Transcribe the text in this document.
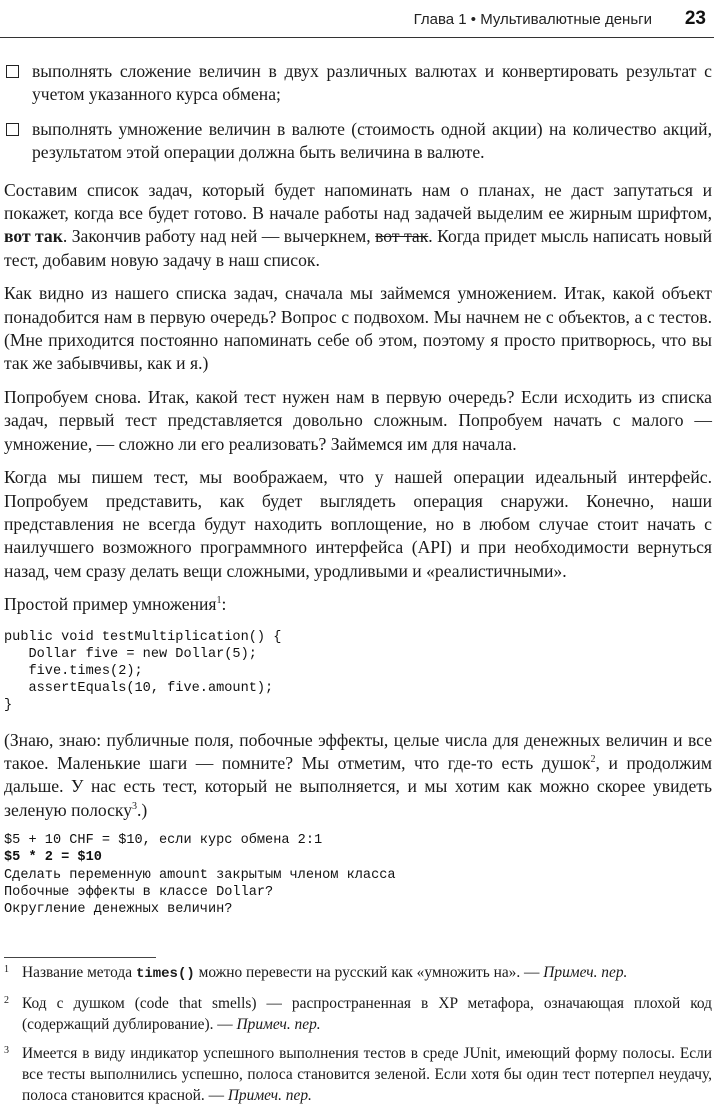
Глава 1 • Мультивалютные деньги 23
выполнять сложение величин в двух различных валютах и конвертировать результат с учетом указанного курса обмена;
выполнять умножение величин в валюте (стоимость одной акции) на количество акций, результатом этой операции должна быть величина в валюте.

Составим список задач, который будет напоминать нам о планах, не даст запутаться и покажет, когда все будет готово. В начале работы над задачей выделим ее жирным шрифтом, вот так. Закончив работу над ней — вычеркнем, вот так. Когда придет мысль написать новый тест, добавим новую задачу в наш список.

Как видно из нашего списка задач, сначала мы займемся умножением. Итак, какой объект понадобится нам в первую очередь? Вопрос с подвохом. Мы начнем не с объектов, а с тестов. (Мне приходится постоянно напоминать себе об этом, поэтому я просто притворюсь, что вы так же забывчивы, как и я.)

Попробуем снова. Итак, какой тест нужен нам в первую очередь? Если исходить из списка задач, первый тест представляется довольно сложным. Попробуем начать с малого — умножение, — сложно ли его реализовать? Займемся им для начала.

Когда мы пишем тест, мы воображаем, что у нашей операции идеальный интерфейс. Попробуем представить, как будет выглядеть операция снаружи. Конечно, наши представления не всегда будут находить воплощение, но в любом случае стоит начать с наилучшего возможного программного интерфейса (API) и при необходимости вернуться назад, чем сразу делать вещи сложными, уродливыми и «реалистичными».

Простой пример умножения$^1$:

public void testMultiplication() {
Dollar five = new Dollar(5);
five.times(2);
assertEquals(10, five.amount);
}

(Знаю, знаю: публичные поля, побочные эффекты, целые числа для денежных величин и все такое. Маленькие шаги — помните? Мы отметим, что где-то есть душок$^2$, и продолжим дальше. У нас есть тест, который не выполняется, и мы хотим как можно скорее увидеть зеленую полоску$^3$.)

$5 + 10 CHF = $10, если курс обмена 2:1
$5 * 2 = $10
Сделать переменную amount закрытым членом класса
Побочные эффекты в классе Dollar?
Округление денежных величин?
1 Название метода times() можно перевести на русский как «умножить на». — Примеч. пер.
2 Код с душком (code that smells) — распространенная в XP метафора, означающая плохой код (содержащий дублирование). — Примеч. пер.
3 Имеется в виду индикатор успешного выполнения тестов в среде JUnit, имеющий форму полосы. Если все тесты выполнились успешно, полоса становится зеленой. Если хотя бы один тест потерпел неудачу, полоса становится красной. — Примеч. пер.
